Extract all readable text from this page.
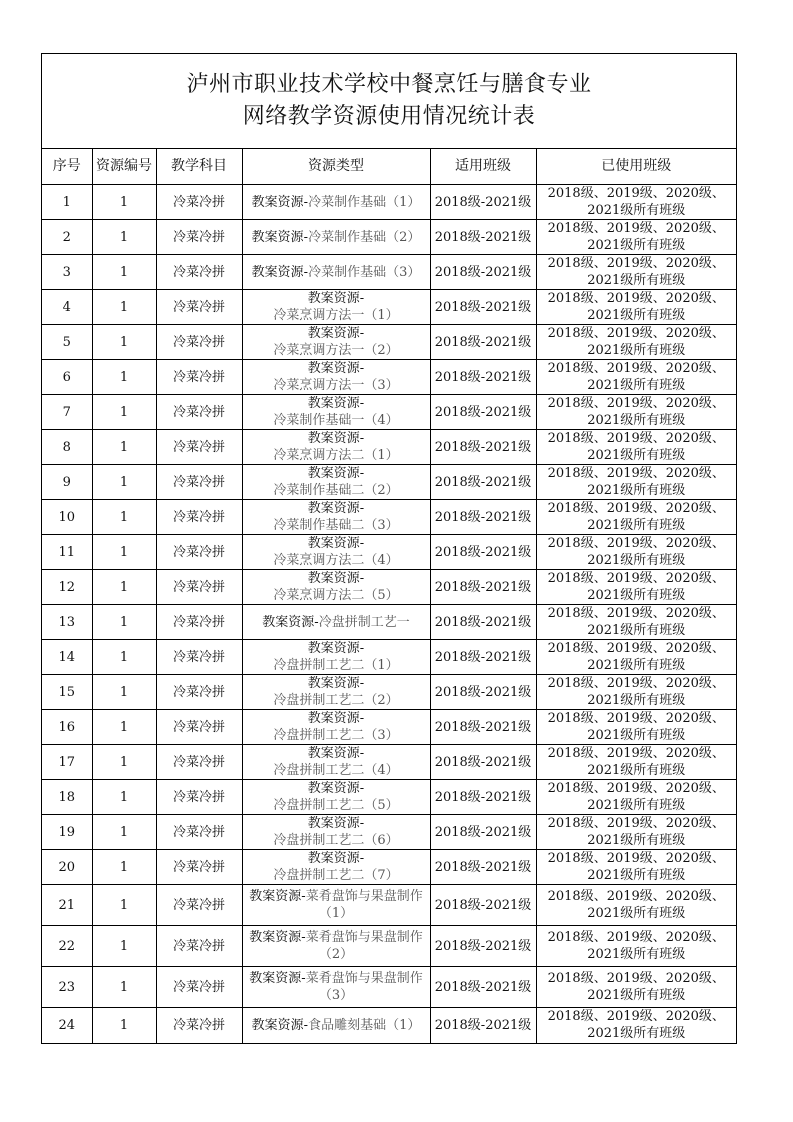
泸州市职业技术学校中餐烹饪与膳食专业
网络教学资源使用情况统计表
序号	资源编号	教学科目	资源类型	适用班级	已使用班级
1	1	冷菜冷拼	教案资源-冷菜制作基础（1）	2018级-2021级	2018级、2019级、2020级、
2021级所有班级

2	1	冷菜冷拼	教案资源-冷菜制作基础（2）	2018级-2021级	2018级、2019级、2020级、
2021级所有班级

3	1	冷菜冷拼	教案资源-冷菜制作基础（3）	2018级-2021级	2018级、2019级、2020级、
2021级所有班级

4	1	冷菜冷拼	教案资源-冷菜烹调方法一（1）	2018级-2021级	2018级、2019级、2020级、
2021级所有班级

5	1	冷菜冷拼	教案资源-冷菜烹调方法一（2）	2018级-2021级	2018级、2019级、2020级、
2021级所有班级

6	1	冷菜冷拼	教案资源-冷菜烹调方法一（3）	2018级-2021级	2018级、2019级、2020级、
2021级所有班级

7	1	冷菜冷拼	教案资源-冷菜制作基础一（4）	2018级-2021级	2018级、2019级、2020级、
2021级所有班级

8	1	冷菜冷拼	教案资源-冷菜烹调方法二（1）	2018级-2021级	2018级、2019级、2020级、
2021级所有班级

9	1	冷菜冷拼	教案资源-冷菜制作基础二（2）	2018级-2021级	2018级、2019级、2020级、
2021级所有班级

10	1	冷菜冷拼	教案资源-冷菜制作基础二（3）	2018级-2021级	2018级、2019级、2020级、
2021级所有班级

11	1	冷菜冷拼	教案资源-冷菜烹调方法二（4）	2018级-2021级	2018级、2019级、2020级、
2021级所有班级

12	1	冷菜冷拼	教案资源-冷菜烹调方法二（5）	2018级-2021级	2018级、2019级、2020级、
2021级所有班级

13	1	冷菜冷拼	教案资源-冷盘拼制工艺一	2018级-2021级	2018级、2019级、2020级、
2021级所有班级

14	1	冷菜冷拼	教案资源-冷盘拼制工艺二（1）	2018级-2021级	2018级、2019级、2020级、
2021级所有班级

15	1	冷菜冷拼	教案资源-冷盘拼制工艺二（2）	2018级-2021级	2018级、2019级、2020级、
2021级所有班级

16	1	冷菜冷拼	教案资源-冷盘拼制工艺二（3）	2018级-2021级	2018级、2019级、2020级、
2021级所有班级

17	1	冷菜冷拼	教案资源-冷盘拼制工艺二（4）	2018级-2021级	2018级、2019级、2020级、
2021级所有班级

18	1	冷菜冷拼	教案资源-冷盘拼制工艺二（5）	2018级-2021级	2018级、2019级、2020级、
2021级所有班级

19	1	冷菜冷拼	教案资源-冷盘拼制工艺二（6）	2018级-2021级	2018级、2019级、2020级、
2021级所有班级

20	1	冷菜冷拼	教案资源-冷盘拼制工艺二（7）	2018级-2021级	2018级、2019级、2020级、
2021级所有班级

21	1	冷菜冷拼	教案资源-菜肴盘饰与果盘制作（1）	2018级-2021级	2018级、2019级、2020级、
2021级所有班级

22	1	冷菜冷拼	教案资源-菜肴盘饰与果盘制作（2）	2018级-2021级	2018级、2019级、2020级、
2021级所有班级

23	1	冷菜冷拼	教案资源-菜肴盘饰与果盘制作（3）	2018级-2021级	2018级、2019级、2020级、
2021级所有班级

24	1	冷菜冷拼	教案资源-食品雕刻基础（1）	2018级-2021级	2018级、2019级、2020级、
2021级所有班级
